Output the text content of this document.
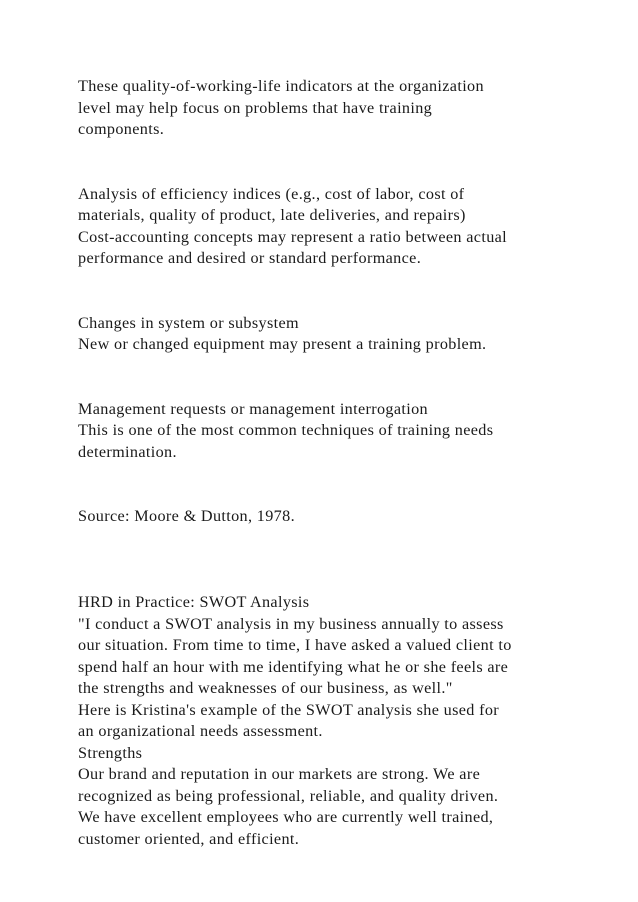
These quality-of-working-life indicators at the organization
level may help focus on problems that have training
components.
Analysis of efficiency indices (e.g., cost of labor, cost of
materials, quality of product, late deliveries, and repairs)
Cost-accounting concepts may represent a ratio between actual
performance and desired or standard performance.
Changes in system or subsystem
New or changed equipment may present a training problem.
Management requests or management interrogation
This is one of the most common techniques of training needs
determination.
Source: Moore & Dutton, 1978.
HRD in Practice: SWOT Analysis
"I conduct a SWOT analysis in my business annually to assess
our situation. From time to time, I have asked a valued client to
spend half an hour with me identifying what he or she feels are
the strengths and weaknesses of our business, as well."
Here is Kristina's example of the SWOT analysis she used for
an organizational needs assessment.
Strengths
Our brand and reputation in our markets are strong. We are
recognized as being professional, reliable, and quality driven.
We have excellent employees who are currently well trained,
customer oriented, and efficient.
